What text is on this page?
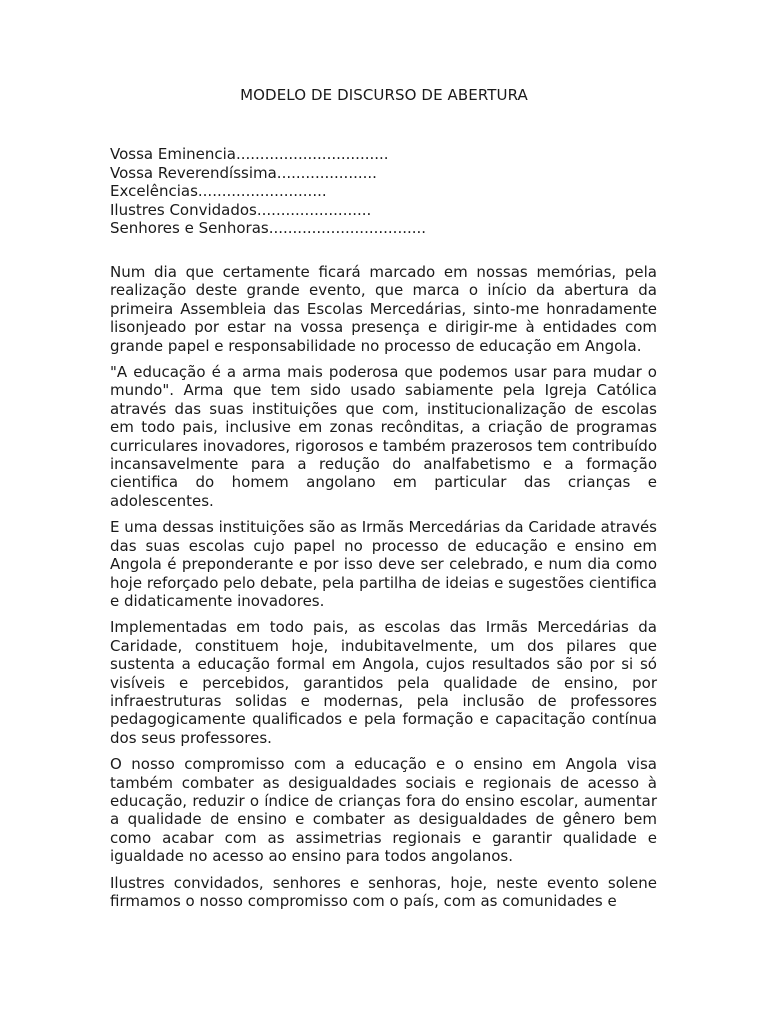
MODELO DE DISCURSO DE ABERTURA
Vossa Eminencia................................
Vossa Reverendíssima.....................
Excelências...........................
Ilustres Convidados........................
Senhores e Senhoras.................................

Num dia que certamente ficará marcado em nossas memórias, pela realização deste grande evento, que marca o início da abertura da primeira Assembleia das Escolas Mercedárias, sinto-me honradamente lisonjeado por estar na vossa presença e dirigir-me à entidades com grande papel e responsabilidade no processo de educação em Angola.

"A educação é a arma mais poderosa que podemos usar para mudar o mundo". Arma que tem sido usado sabiamente pela Igreja Católica através das suas instituições que com, institucionalização de escolas em todo pais, inclusive em zonas recônditas, a criação de programas curriculares inovadores, rigorosos e também prazerosos tem contribuído incansavelmente para a redução do analfabetismo e a formação cientifica do homem angolano em particular das crianças e adolescentes.

E uma dessas instituições são as Irmãs Mercedárias da Caridade através das suas escolas cujo papel no processo de educação e ensino em Angola é preponderante e por isso deve ser celebrado, e num dia como hoje reforçado pelo debate, pela partilha de ideias e sugestões cientifica e didaticamente inovadores.

Implementadas em todo pais, as escolas das Irmãs Mercedárias da Caridade, constituem hoje, indubitavelmente, um dos pilares que sustenta a educação formal em Angola, cujos resultados são por si só visíveis e percebidos, garantidos pela qualidade de ensino, por infraestruturas solidas e modernas, pela inclusão de professores pedagogicamente qualificados e pela formação e capacitação contínua dos seus professores.

O nosso compromisso com a educação e o ensino em Angola visa também combater as desigualdades sociais e regionais de acesso à educação, reduzir o índice de crianças fora do ensino escolar, aumentar a qualidade de ensino e combater as desigualdades de gênero bem como acabar com as assimetrias regionais e garantir qualidade e igualdade no acesso ao ensino para todos angolanos.

Ilustres convidados, senhores e senhoras, hoje, neste evento solene firmamos o nosso compromisso com o país, com as comunidades e
